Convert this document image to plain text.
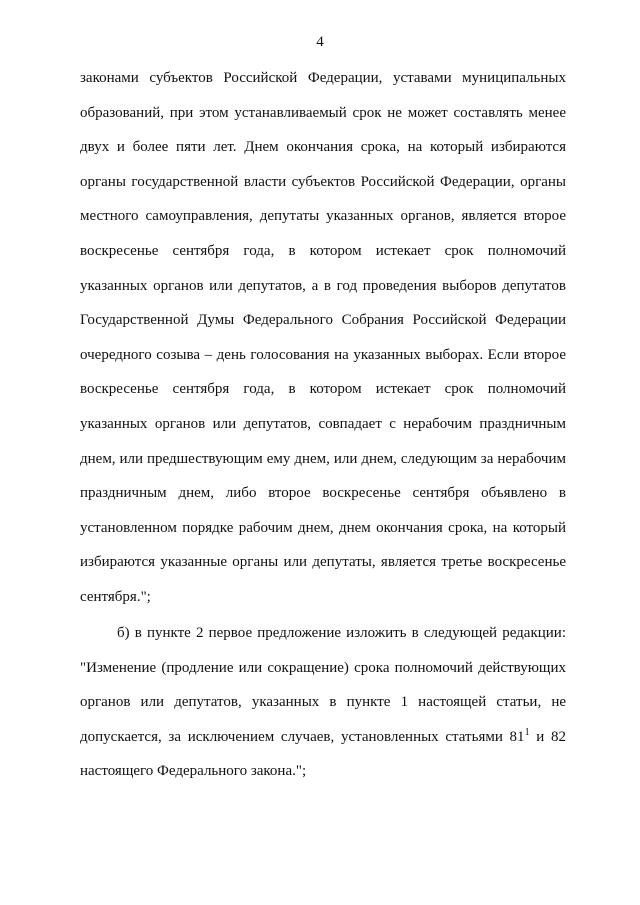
4
законами субъектов Российской Федерации, уставами муниципальных
образований, при этом устанавливаемый срок не может составлять менее
двух и более пяти лет. Днем окончания срока, на который избираются
органы государственной власти субъектов Российской Федерации, органы
местного самоуправления, депутаты указанных органов, является второе
воскресенье сентября года, в котором истекает срок полномочий
указанных органов или депутатов, а в год проведения выборов депутатов
Государственной Думы Федерального Собрания Российской Федерации
очередного созыва – день голосования на указанных выборах. Если второе
воскресенье сентября года, в котором истекает срок полномочий
указанных органов или депутатов, совпадает с нерабочим праздничным
днем, или предшествующим ему днем, или днем, следующим за нерабочим
праздничным днем, либо второе воскресенье сентября объявлено в
установленном порядке рабочим днем, днем окончания срока, на который
избираются указанные органы или депутаты, является третье воскресенье
сентября.";
б) в пункте 2 первое предложение изложить в следующей редакции:
"Изменение (продление или сокращение) срока полномочий действующих
органов или депутатов, указанных в пункте 1 настоящей статьи, не
допускается, за исключением случаев, установленных статьями $81^1$ и 82
настоящего Федерального закона.";
